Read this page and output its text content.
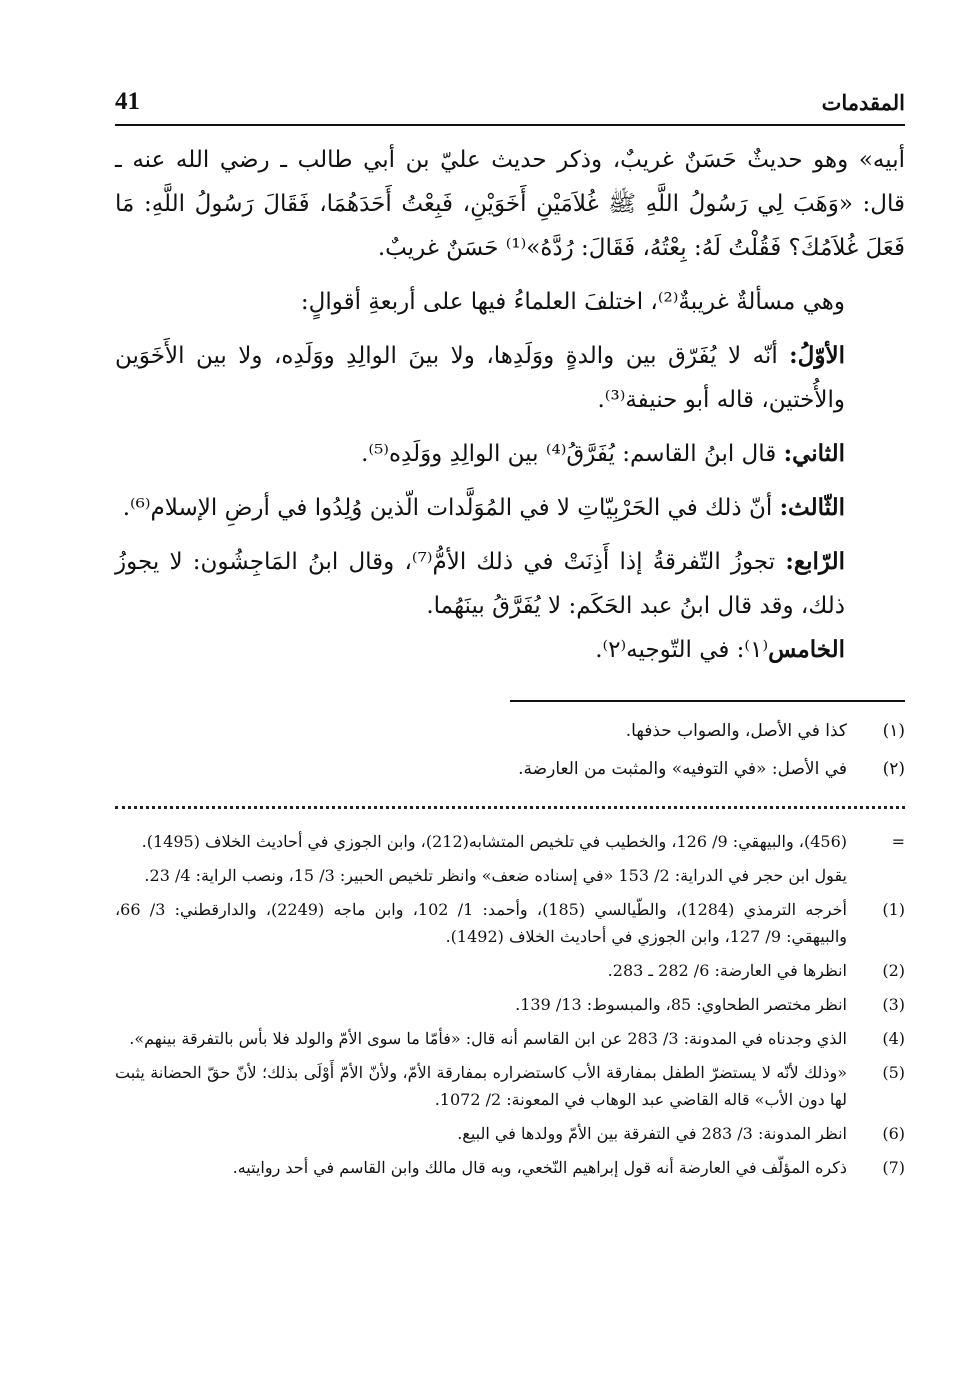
41	المقدمات

أبيه» وهو حديثٌ حَسَنٌ غريبٌ، وذكر حديث عليّ بن أبي طالب ـ رضي الله عنه ـ قال: «وَهَبَ لِي رَسُولُ اللَّهِ ﷺ غُلاَمَيْنِ أَخَوَيْنِ، فَبِعْتُ أَحَدَهُمَا، فَقَالَ رَسُولُ اللَّهِ: مَا فَعَلَ غُلاَمُكَ؟ فَقُلْتُ لَهُ: بِعْتُهُ، فَقَالَ: رُدَّهُ»⁽¹⁾ حَسَنٌ غريبٌ.

وهي مسألةٌ غريبةٌ⁽²⁾، اختلفَ العلماءُ فيها على أربعةِ أقوالٍ:

الأوّلُ: أنّه لا يُفَرّق بين والدةٍ ووَلَدِها، ولا بينَ الوالِدِ ووَلَدِه، ولا بين الأَخَوَين والأُختين، قاله أبو حنيفة⁽³⁾.

الثاني: قال ابنُ القاسم: يُفَرَّقُ⁽⁴⁾ بين الوالِدِ ووَلَدِه⁽⁵⁾.

الثّالث: أنّ ذلك في الحَرْبِيّاتِ لا في المُوَلَّدات الّذين وُلِدُوا في أرضِ الإسلام⁽⁶⁾.

الرّابع: تجوزُ التّفرقةُ إذا أَذِنَتْ في ذلك الأمُّ⁽⁷⁾، وقال ابنُ المَاجِشُون: لا يجوزُ ذلك، وقد قال ابنُ عبد الحَكَم: لا يُفَرَّقُ بينَهُما.

الخامس⁽١⁾: في التّوجيه⁽٢⁾.

(١)
كذا في الأصل، والصواب حذفها.
(٢)
في الأصل: «في التوفيه» والمثبت من العارضة.
=
(456)، والبيهقي: 9/ 126، والخطيب في تلخيص المتشابه(212)، وابن الجوزي في أحاديث الخلاف (1495).
يقول ابن حجر في الدراية: 2/ 153 «في إسناده ضعف» وانظر تلخيص الحبير: 3/ 15، ونصب الراية: 4/ 23.
(1)
أخرجه الترمذي (1284)، والطّيالسي (185)، وأحمد: 1/ 102، وابن ماجه (2249)، والدارقطني: 3/ 66، والبيهقي: 9/ 127، وابن الجوزي في أحاديث الخلاف (1492).
(2)
انظرها في العارضة: 6/ 282 ـ 283.
(3)
انظر مختصر الطحاوي: 85، والمبسوط: 13/ 139.
(4)
الذي وجدناه في المدونة: 3/ 283 عن ابن القاسم أنه قال: «فأمّا ما سوى الأمّ والولد فلا بأس بالتفرقة بينهم».
(5)
«وذلك لأنّه لا يستضرّ الطفل بمفارقة الأب كاستضراره بمفارقة الأمّ، ولأنّ الأمّ أَوْلَى بذلك؛ لأنّ حقّ الحضانة يثبت لها دون الأب» قاله القاضي عبد الوهاب في المعونة: 2/ 1072.
(6)
انظر المدونة: 3/ 283 في التفرقة بين الأمّ وولدها في البيع.
(7)
ذكره المؤلّف في العارضة أنه قول إبراهيم النّخعي، وبه قال مالك وابن القاسم في أحد روايتيه.
